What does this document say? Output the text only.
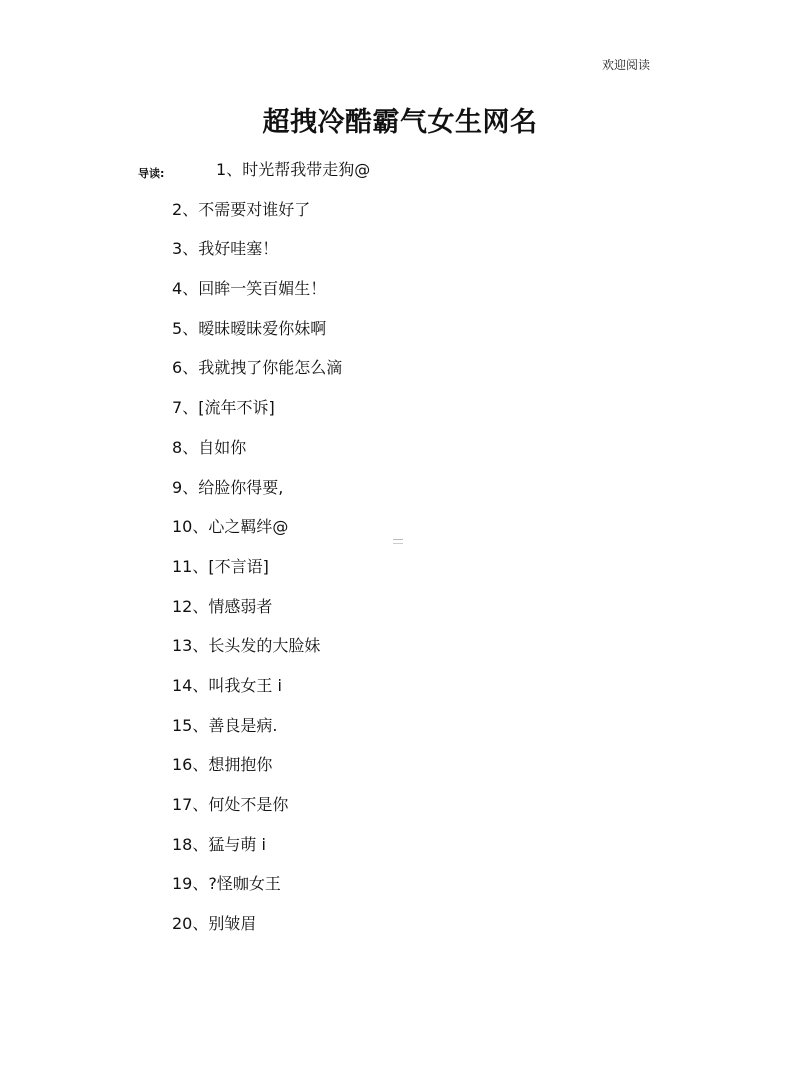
欢迎阅读
超拽冷酷霸气女生网名
导读:	1、时光帮我带走狗@
2、不需要对谁好了
3、我好哇塞！
4、回眸一笑百媚生！
5、暧昧暧昧爱你妹啊
6、我就拽了你能怎么滴
7、[流年不诉]
8、自如你
9、给脸你得要,
10、心之羁绊@
11、[不言语]
12、情感弱者
13、长头发的大脸妹
14、叫我女王 i
15、善良是病.
16、想拥抱你
17、何处不是你
18、猛与萌 i
19、?怪咖女王
20、别皱眉
